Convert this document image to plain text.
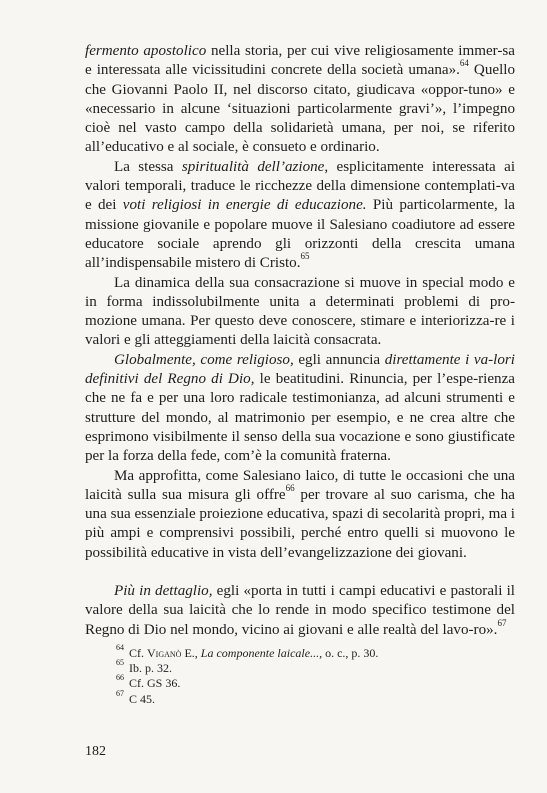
fermento apostolico nella storia, per cui vive religiosamente immer-sa e interessata alle vicissitudini concrete della società umana».$^{64}$ Quello che Giovanni Paolo II, nel discorso citato, giudicava «oppor-tuno» e «necessario in alcune ‘situazioni particolarmente gravi’», l’impegno cioè nel vasto campo della solidarietà umana, per noi, se riferito all’educativo e al sociale, è consueto e ordinario.

La stessa spiritualità dell’azione, esplicitamente interessata ai valori temporali, traduce le ricchezze della dimensione contemplati-va e dei voti religiosi in energie di educazione. Più particolarmente, la missione giovanile e popolare muove il Salesiano coadiutore ad essere educatore sociale aprendo gli orizzonti della crescita umana all’indispensabile mistero di Cristo.$^{65}$

La dinamica della sua consacrazione si muove in special modo e in forma indissolubilmente unita a determinati problemi di pro-mozione umana. Per questo deve conoscere, stimare e interiorizza-re i valori e gli atteggiamenti della laicità consacrata.

Globalmente, come religioso, egli annuncia direttamente i va-lori definitivi del Regno di Dio, le beatitudini. Rinuncia, per l’espe-rienza che ne fa e per una loro radicale testimonianza, ad alcuni strumenti e strutture del mondo, al matrimonio per esempio, e ne crea altre che esprimono visibilmente il senso della sua vocazione e sono giustificate per la forza della fede, com’è la comunità fraterna.

Ma approfitta, come Salesiano laico, di tutte le occasioni che una laicità sulla sua misura gli offre$^{66}$ per trovare al suo carisma, che ha una sua essenziale proiezione educativa, spazi di secolarità propri, ma i più ampi e comprensivi possibili, perché entro quelli si muovono le possibilità educative in vista dell’evangelizzazione dei giovani.

Più in dettaglio, egli «porta in tutti i campi educativi e pastorali il valore della sua laicità che lo rende in modo specifico testimone del Regno di Dio nel mondo, vicino ai giovani e alle realtà del lavo-ro».$^{67}$

$^{64}$ Cf. Viganò E., La componente laicale..., o. c., p. 30.
$^{65}$ Ib. p. 32.
$^{66}$ Cf. GS 36.
$^{67}$ C 45.
182
